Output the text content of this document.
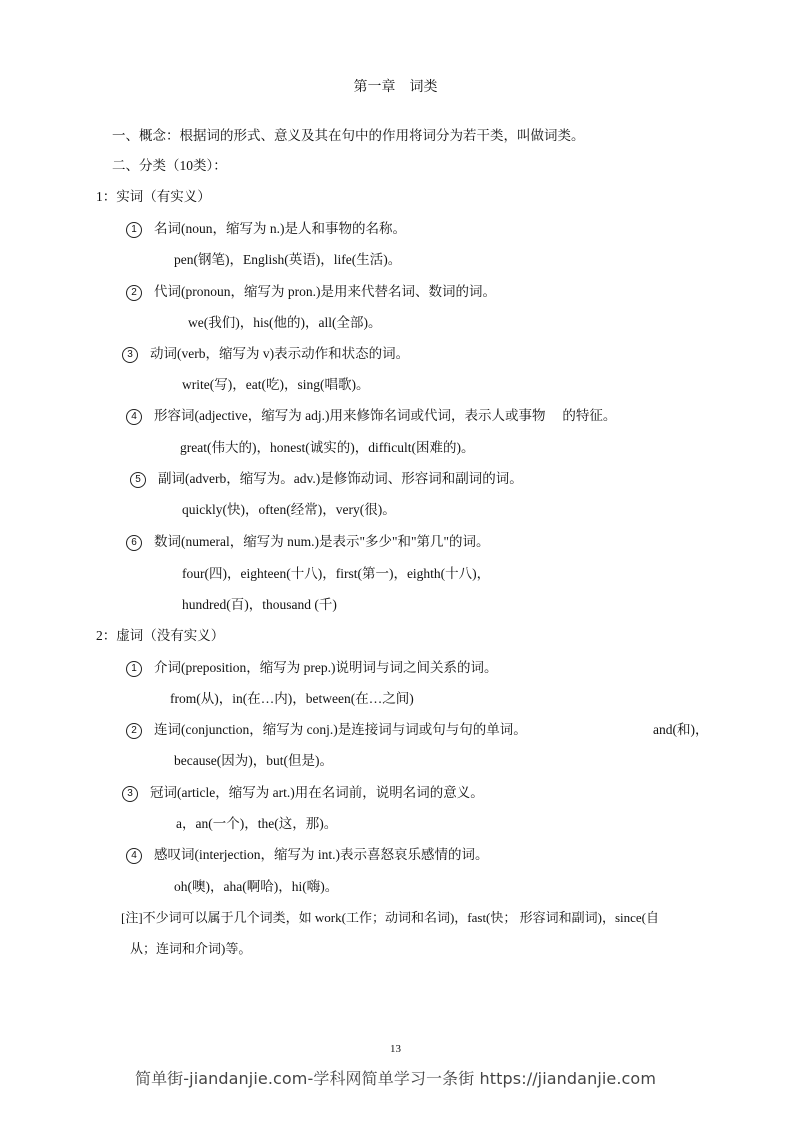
第一章　词类
一、概念：根据词的形式、意义及其在句中的作用将词分为若干类，叫做词类。
二、分类（10类）：
1：实词（有实义）
1 名词(noun，缩写为 n.)是人和事物的名称。
pen(钢笔)，English(英语)，life(生活)。
2 代词(pronoun，缩写为 pron.)是用来代替名词、数词的词。
we(我们)，his(他的)，all(全部)。
3 动词(verb，缩写为 v)表示动作和状态的词。
write(写)，eat(吃)，sing(唱歌)。
4 形容词(adjective，缩写为 adj.)用来修饰名词或代词，表示人或事物　 的特征。
great(伟大的)，honest(诚实的)，difficult(困难的)。
5 副词(adverb，缩写为。adv.)是修饰动词、形容词和副词的词。
quickly(快)，often(经常)，very(很)。
6 数词(numeral，缩写为 num.)是表示"多少"和"第几"的词。
four(四)，eighteen(十八)，first(第一)，eighth(十八)，
hundred(百)，thousand (千)
2：虚词（没有实义）
1 介词(preposition，缩写为 prep.)说明词与词之间关系的词。
from(从)，in(在…内)，between(在…之间)
2 连词(conjunction，缩写为 conj.)是连接词与词或句与句的单词。	and(和)，
because(因为)，but(但是)。
3 冠词(article，缩写为 art.)用在名词前，说明名词的意义。
a，an(一个)，the(这，那)。
4 感叹词(interjection，缩写为 int.)表示喜怒哀乐感情的词。
oh(噢)，aha(啊哈)，hi(嗨)。
[注]不少词可以属于几个词类，如 work(工作；动词和名词)，fast(快； 形容词和副词)，since(自
从；连词和介词)等。
13
简单街-jiandanjie.com-学科网简单学习一条街 https://jiandanjie.com
